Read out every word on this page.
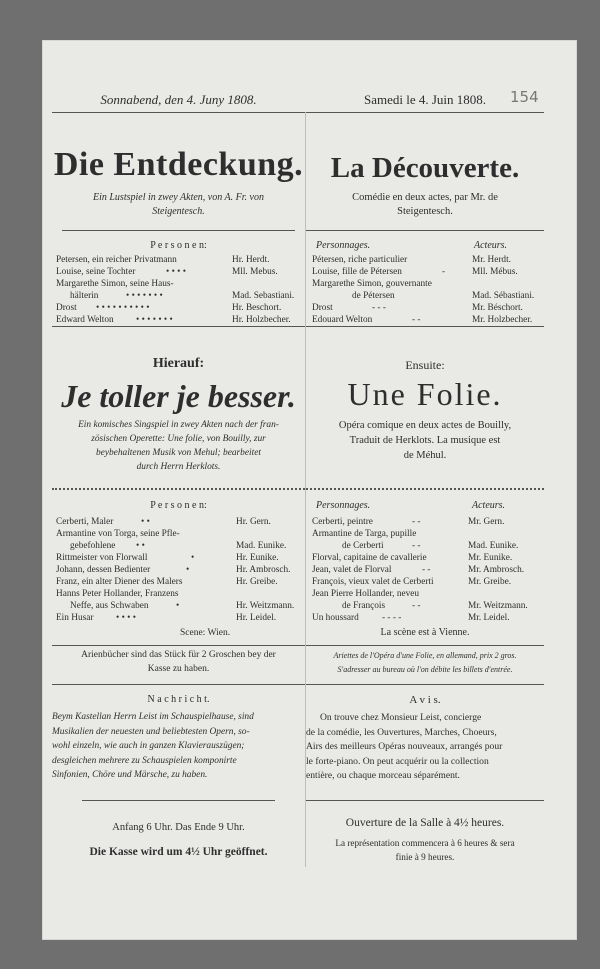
154
Sonnabend, den 4. Juny 1808.
Die Entdeckung.
Ein Lustspiel in zwey Akten, von A. Fr. von
Steigentesch.
P e r s o n e n:
Petersen, ein reicher Privatmann	Hr. Herdt.
Louise, seine Tochter	• • • •	Mll. Mebus.
Margarethe Simon, seine Haus-
hälterin	• • • • • • •	Mad. Sebastiani.
Drost • • • • • • • • • •	Hr. Beschort.
Edward Welton • • • • • • •	Hr. Holzbecher.
Hierauf:
Je toller je besser.
Ein komisches Singspiel in zwey Akten nach der fran-
zösischen Operette: Une folie, von Bouilly, zur
beybehaltenen Musik von Mehul; bearbeitet
durch Herrn Herklots.
P e r s o n e n:
Cerberti, Maler	• •	Hr. Gern.
Armantine von Torga, seine Pfle-
gebefohlene • •	Mad. Eunike.
Rittmeister von Florwall	•	Hr. Eunike.
Johann, dessen Bedienter	•	Hr. Ambrosch.
Franz, ein alter Diener des Malers	Hr. Greibe.
Hanns Peter Hollander, Franzens
Neffe, aus Schwaben	•	Hr. Weitzmann.
Ein Husar • • • •	Hr. Leidel.
Scene: Wien.
Arienbücher sind das Stück für 2 Groschen bey der
Kasse zu haben.
N a c h r i c h t.
Beym Kastellan Herrn Leist im Schauspielhause, sind
Musikalien der neuesten und beliebtesten Opern, so-
wohl einzeln, wie auch in ganzen Klavierauszügen;
desgleichen mehrere zu Schauspielen komponirte
Sinfonien, Chöre und Märsche, zu haben.
Anfang 6 Uhr. Das Ende 9 Uhr.
Die Kasse wird um 4½ Uhr geöffnet.
Samedi le 4. Juin 1808.
La Découverte.
Comédie en deux actes, par Mr. de
Steigentesch.
Personnages.	Acteurs.
Pétersen, riche particulier	Mr. Herdt.
Louise, fille de Pétersen	-	Mll. Mébus.
Margarethe Simon, gouvernante
de Pétersen	Mad. Sébastiani.
Drost	- - -	Mr. Béschort.
Edouard Welton	- -	Mr. Holzbecher.
Ensuite:
Une Folie.
Opéra comique en deux actes de Bouilly,
Traduit de Herklots. La musique est
de Méhul.
Personnages.	Acteurs.
Cerberti, peintre	- -	Mr. Gern.
Armantine de Targa, pupille
de Cerberti	- -	Mad. Eunike.
Florval, capitaine de cavallerie	Mr. Eunike.
Jean, valet de Florval	- -	Mr. Ambrosch.
François, vieux valet de Cerberti	Mr. Greibe.
Jean Pierre Hollander, neveu
de François	- -	Mr. Weitzmann.
Un houssard	- - - -	Mr. Leidel.
La scène est à Vienne.
Ariettes de l'Opéra d'une Folie, en allemand, prix 2 gros.
S'adresser au bureau où l'on débite les billets d'entrée.
A v i s.
On trouve chez Monsieur Leist, concierge
de la comédie, les Ouvertures, Marches, Choeurs,
Airs des meilleurs Opéras nouveaux, arrangés pour
le forte-piano. On peut acquérir ou la collection
entière, ou chaque morceau séparément.
Ouverture de la Salle à 4½ heures.
La représentation commencera à 6 heures & sera
finie à 9 heures.
